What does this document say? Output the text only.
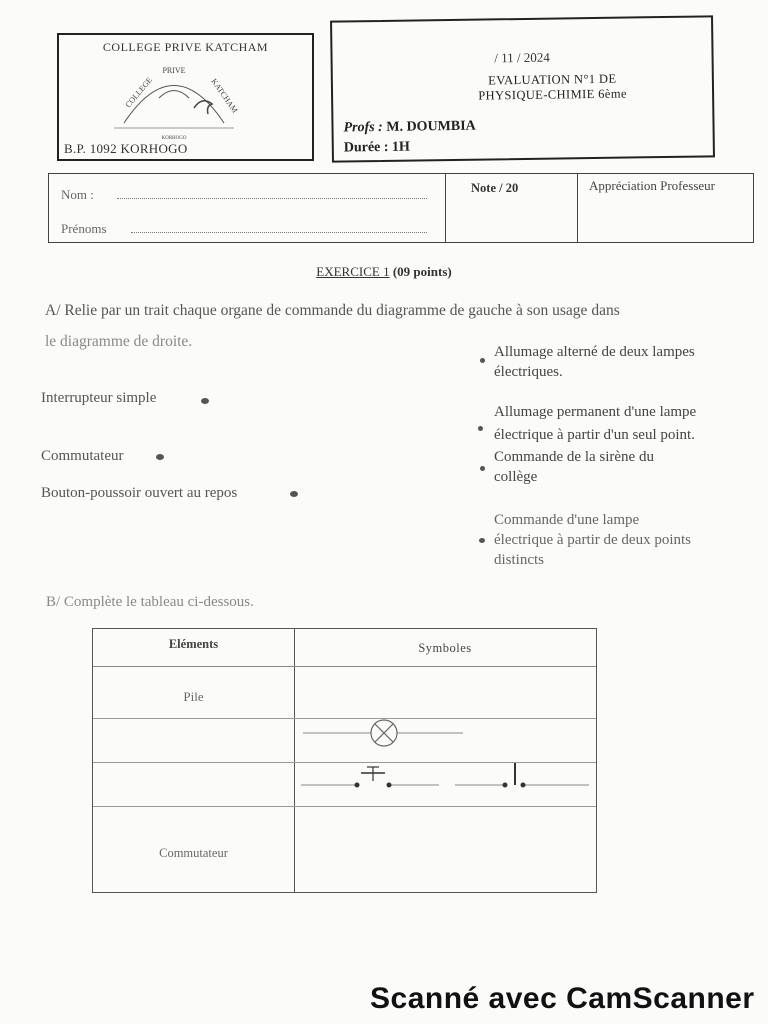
COLLEGE PRIVE KATCHAM
PRIVE
COLLEGE	KATCHAM
KORHOGO
B.P. 1092 KORHOGO
/ 11 / 2024
EVALUATION N°1 DE
PHYSIQUE-CHIMIE 6ème
Profs : M. DOUMBIA
Durée : 1H
Nom :
Prénoms
Note / 20	Appréciation Professeur
EXERCICE 1 (09 points)
A/ Relie par un trait chaque organe de commande du diagramme de gauche à son usage dans
le diagramme de droite.
Interrupteur simple
Commutateur
Bouton-poussoir ouvert au repos
Allumage alterné de deux lampes
électriques.
Allumage permanent d'une lampe
électrique à partir d'un seul point.
Commande de la sirène du
collège
Commande d'une lampe
électrique à partir de deux points
distincts
B/ Complète le tableau ci-dessous.
Eléments	Symboles
Pile
Commutateur
Scanné avec CamScanner
